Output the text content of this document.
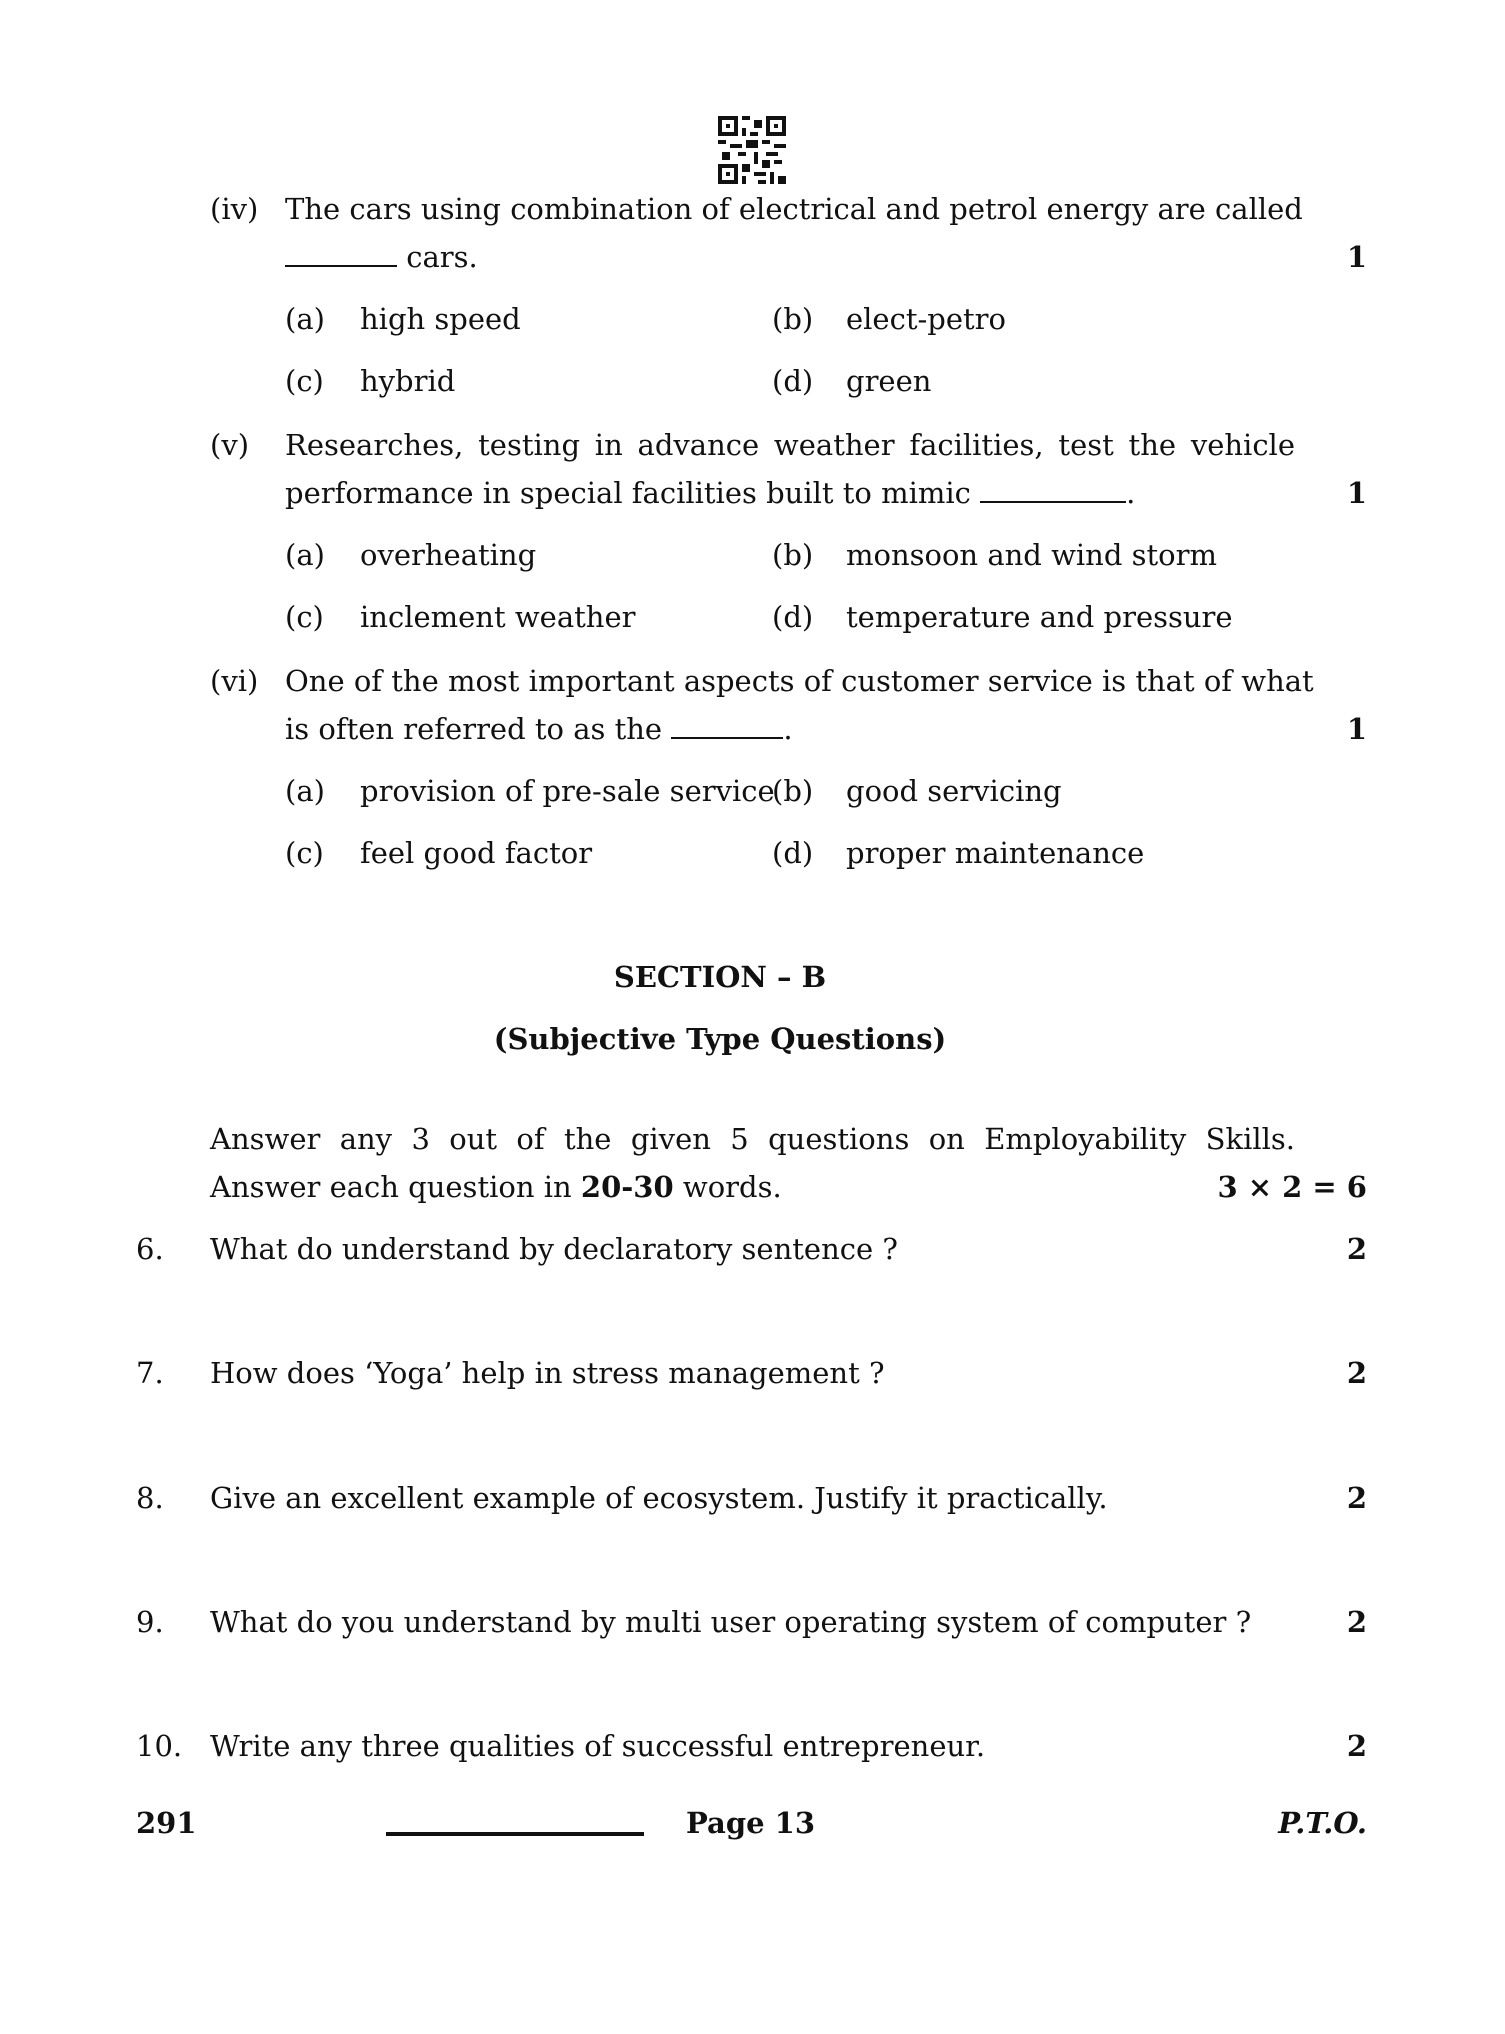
(iv) The cars using combination of electrical and petrol energy are called
cars.	1
(a) high speed	(b) elect-petro
(c) hybrid	(d) green
(v) Researches, testing in advance weather facilities, test the vehicle
performance in special facilities built to mimic	.	1
(a) overheating	(b) monsoon and wind storm
(c) inclement weather	(d) temperature and pressure
(vi) One of the most important aspects of customer service is that of what
is often referred to as the	.	1
(a) provision of pre-sale service
(b) good servicing
(c) feel good factor	(d) proper maintenance
SECTION – B
(Subjective Type Questions)
Answer any 3 out of the given 5 questions on Employability Skills.
Answer each question in 20-30 words.	3 × 2 = 6
6. What do understand by declaratory sentence ?	2
7. How does ‘Yoga’ help in stress management ?	2
8. Give an excellent example of ecosystem. Justify it practically.	2
9. What do you understand by multi user operating system of computer ?	2
10. Write any three qualities of successful entrepreneur.	2
291	Page 13	P.T.O.
